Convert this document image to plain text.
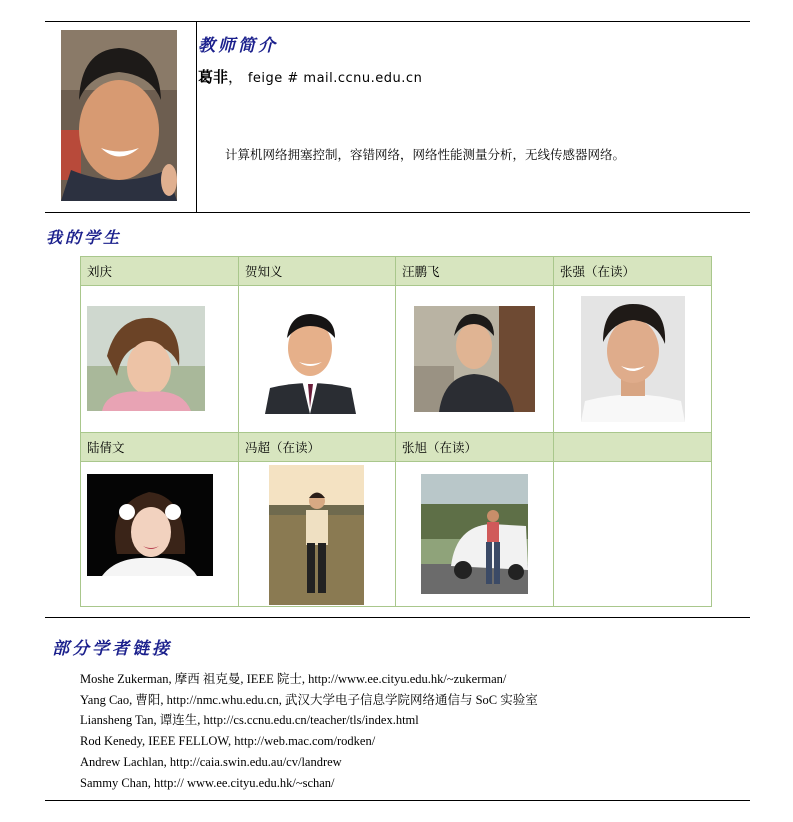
教师简介
葛非， feige # mail.ccnu.edu.cn
计算机网络拥塞控制，容错网络，网络性能测量分析，无线传感器网络。
我的学生
刘庆	贺知义	汪鹏飞	张强（在读）

陆倩文	冯超（在读）	张旭（在读）	

部分学者链接
Moshe Zukerman, 摩西 祖克曼, IEEE 院士, http://www.ee.cityu.edu.hk/~zukerman/
Yang Cao, 曹阳, http://nmc.whu.edu.cn, 武汉大学电子信息学院网络通信与 SoC 实验室
Liansheng Tan, 谭连生, http://cs.ccnu.edu.cn/teacher/tls/index.html
Rod Kenedy, IEEE FELLOW, http://web.mac.com/rodken/
Andrew Lachlan, http://caia.swin.edu.au/cv/landrew
Sammy Chan, http:// www.ee.cityu.edu.hk/~schan/
